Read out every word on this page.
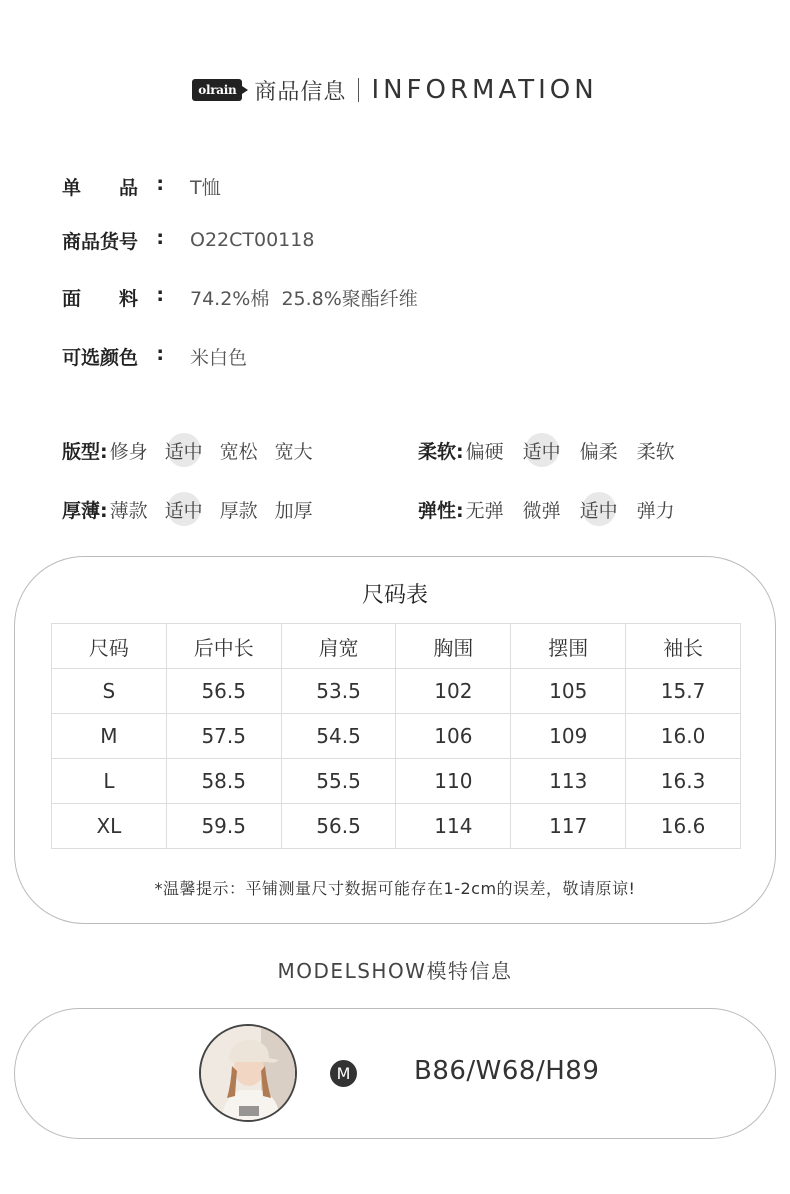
olrain 商品信息 INFORMATION
单　　品 : T恤
商品货号 : O22CT00118
面　　料 : 74.2%棉  25.8%聚酯纤维
可选颜色 : 米白色
版型: 修身 适中 宽松 宽大	柔软: 偏硬 适中 偏柔 柔软
厚薄: 薄款 适中 厚款 加厚	弹性: 无弹 微弹 适中 弹力
尺码表
尺码	后中长	肩宽	胸围	摆围	袖长
S	56.5	53.5	102	105	15.7
M	57.5	54.5	106	109	16.0
L	58.5	55.5	110	113	16.3
XL	59.5	56.5	114	117	16.6
*温馨提示：平铺测量尺寸数据可能存在1-2cm的误差，敬请原谅!
MODELSHOW模特信息
M B86/W68/H89
